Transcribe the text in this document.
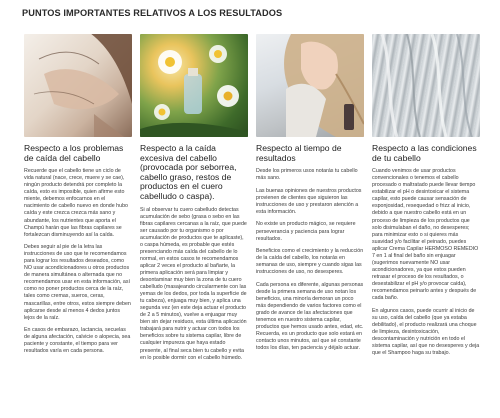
PUNTOS IMPORTANTES RELATIVOS A LOS RESULTADOS
Respecto a los problemas de caída del cabello

Recuerde que el cabello tiene un ciclo de vida natural (nace, crece, muere y se cae), ningún producto detendrá por completo la caída, esto es imposible, quien afirme esto miente, debemos enfocarnos en el nacimiento de cabello nuevo en donde hubo caída y este crezca crezca más sano y abundante, los nutrientes que aporta el Champú harán que las fibras capilares se fortalezcan disminuyendo así la caída.

Debes seguir al pie de la letra las instrucciones de uso que te recomendamos para lograr los resultados deseados, como NO usar acondicionadores u otros productos de manera simultánea o alternada que no recomendamos usar en esta información, así como no poner productos cerca de la raíz, tales como cremas, sueros, ceras, mascarillas, entre otros, estos siempre deben aplicarse desde al menos 4 dedos juntos lejos de la raíz.

En casos de embarazo, lactancia, secuelas de alguna afectación, calvicie o alopecia, sea paciente y constante, el tiempo para ver resultados varía en cada persona.

Respecto a la caída excesiva del cabello (provocada por seborrea, cabello graso, restos de productos en el cuero cabelludo o caspa).

Si al observar tu cuero cabelludo detectas acumulación de sebo (grasa o sebo en las fibras capilares cercanas a la raíz, que puede ser causado por tu organismo o por acumulación de productos que te aplicaste), o caspa húmeda, es probable que estés presenciando más caída del cabello de lo normal, en estos casos te recomendamos aplicar 2 veces el producto al bañarte, la primera aplicación será para limpiar y desontaminar muy bien la zona de tu cuero cabelludo (masajeando circularmente con las yemas de los dedos, por toda la superficie de tu cabeza), enjuaga muy bien, y aplica una segunda vez (en este deja actuar el producto de 2 a 5 minutos), vuelve a enjuagar muy bien sin dejar residuos, esta última aplicación trabajará para nutrir y actuar con todos los beneficios sobre tu sistema capilar, libre de cualquier impureza que haya estado presente, al final seca bien tu cabello y evita en lo posible dormir con el cabello húmedo.

Respecto al tiempo de resultados

Desde los primeros usos notarás tu cabello más sano.

Las buenas opiniones de nuestros productos provienen de clientes que siguieron las instrucciones de uso y prestaron atención a esta información.

No existe un producto mágico, se requiere perseverancia y paciencia para lograr resultados.

Beneficios como el crecimiento y la reducción de la caída del cabello, los notarás en semanas de uso, siempre y cuando sigas las instrucciones de uso, no desesperes.

Cada persona es diferente, algunas personas desde la primera semana de uso notan los beneficios, una minoría demoran un poco más dependiendo de varios factores como el grado de avance de las afectaciones que tenemos en nuestro sistema capilar, productos que hemos usado antes, edad, etc. Recuerda, es un producto que solo estará en contacto unos minutos, así que sé constante todos los días, ten paciencia y déjalo actuar.

Respecto a las condiciones de tu cabello

Cuando venimos de usar productos convencionales o tenemos el cabello procesado o maltratado puede llevar tiempo estabilizar el pH o desintoxicar el sistema capilar, esto puede causar sensación de esponjosidad, resequedad o frizz al inicio, debido a que nuestro cabello está en un proceso de limpieza de los productos que solo disimulaban el daño, no desesperes; para minimizar esto o si quieres más suavidad y/o facilitar el peinado, puedes aplicar Crema Capilar HERMOSO REMEDIO 7 en 1 al final del baño sin enjuagar (sugerimos nuevamente NO usar acondicionadores, ya que estos pueden retrasar el proceso de los resultados, o desestabilizar el pH y/o provocar caída), recomendamos peinarlo antes y después de cada baño.

En algunos casos, puede ocurrir al inicio de su uso, caída del cabello (que ya estaba debilitado), el producto realizará una choque de limpieza, desintoxicación, descontaminación y nutrición en todo el sistema capilar, así que no desesperes y deja que el Shampoo haga su trabajo.
